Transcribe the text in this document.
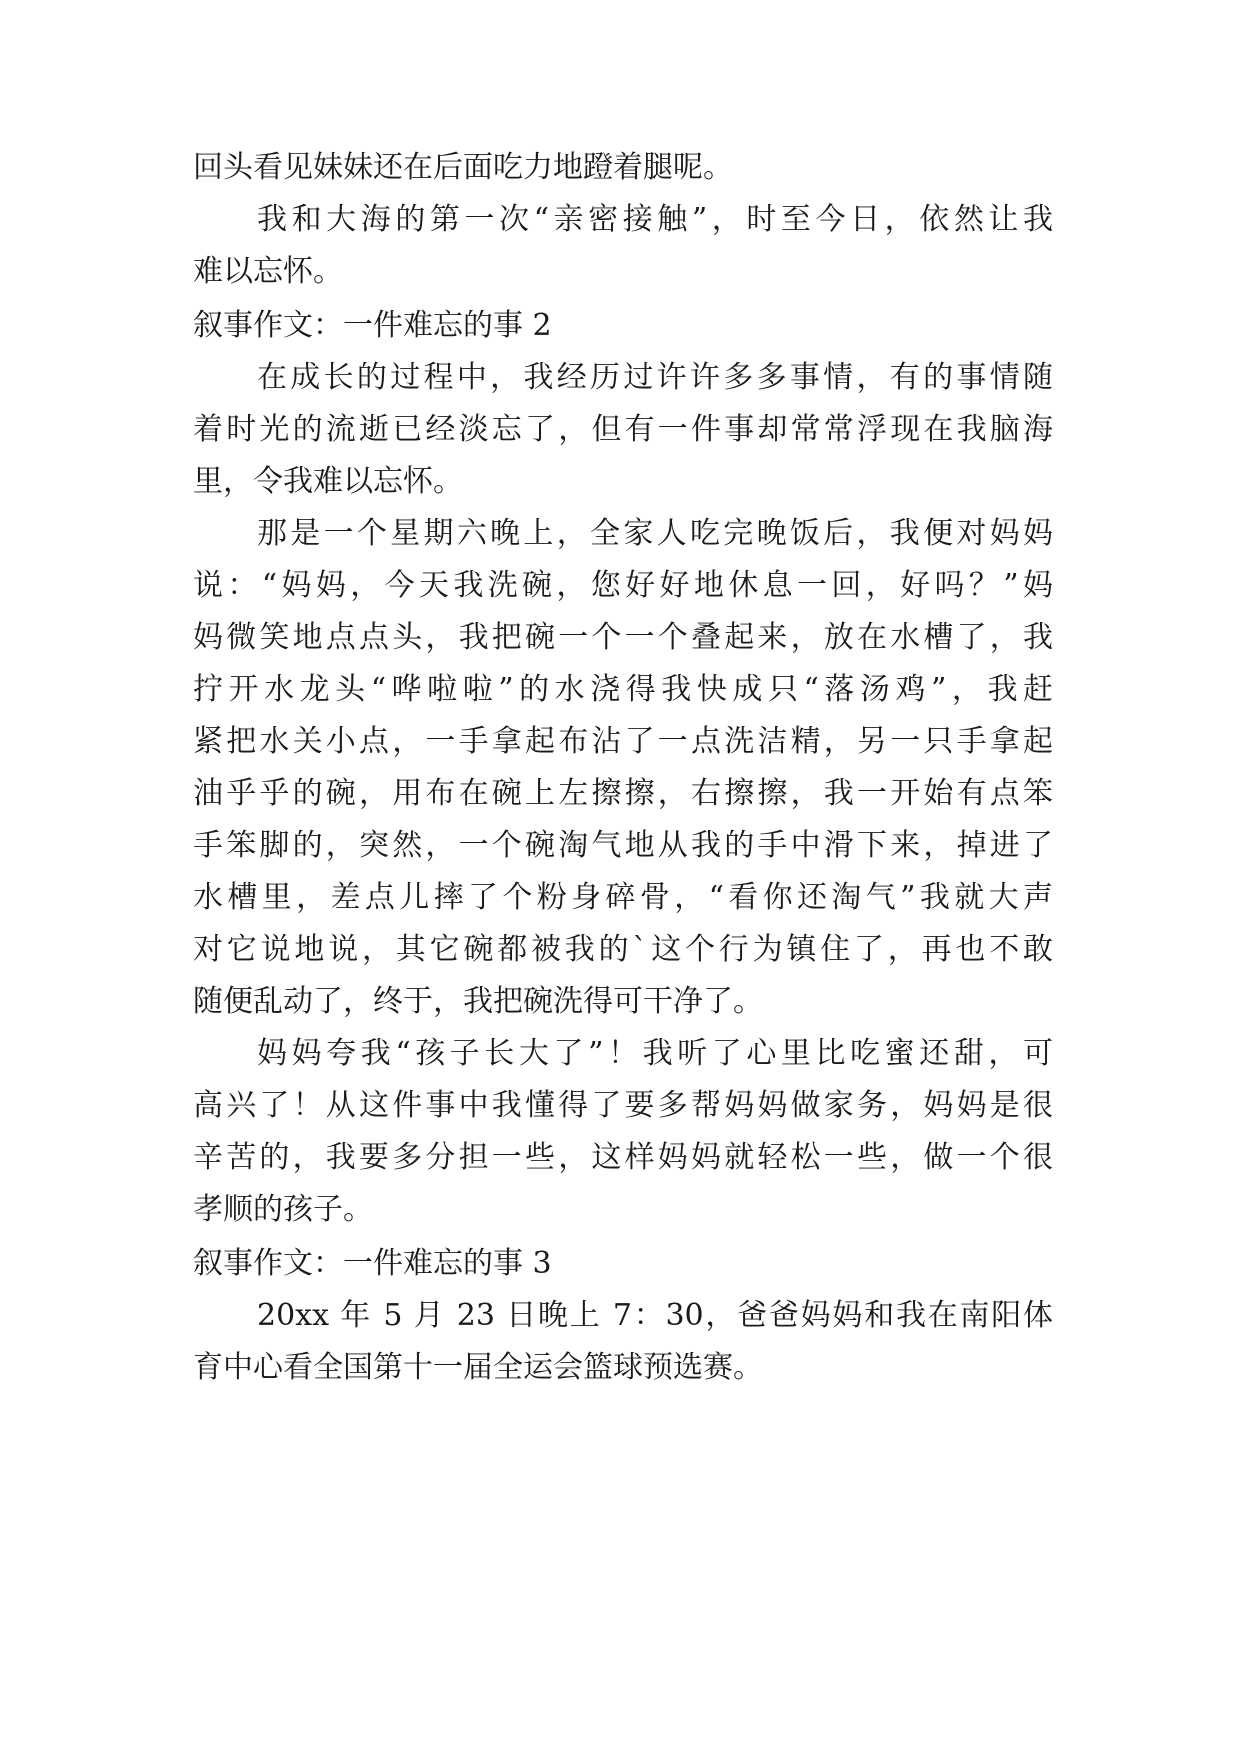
回头看见妹妹还在后面吃力地蹬着腿呢。
我和大海的第一次“亲密接触”，时至今日，依然让我
难以忘怀。
叙事作文：一件难忘的事 2
在成长的过程中，我经历过许许多多事情，有的事情随
着时光的流逝已经淡忘了，但有一件事却常常浮现在我脑海
里，令我难以忘怀。
那是一个星期六晚上，全家人吃完晚饭后，我便对妈妈
说：“妈妈，今天我洗碗，您好好地休息一回，好吗？”妈
妈微笑地点点头，我把碗一个一个叠起来，放在水槽了，我
拧开水龙头“哗啦啦”的水浇得我快成只“落汤鸡”，我赶
紧把水关小点，一手拿起布沾了一点洗洁精，另一只手拿起
油乎乎的碗，用布在碗上左擦擦，右擦擦，我一开始有点笨
手笨脚的，突然，一个碗淘气地从我的手中滑下来，掉进了
水槽里，差点儿摔了个粉身碎骨，“看你还淘气”我就大声
对它说地说，其它碗都被我的`这个行为镇住了，再也不敢
随便乱动了，终于，我把碗洗得可干净了。
妈妈夸我“孩子长大了”！我听了心里比吃蜜还甜，可
高兴了！从这件事中我懂得了要多帮妈妈做家务，妈妈是很
辛苦的，我要多分担一些，这样妈妈就轻松一些，做一个很
孝顺的孩子。
叙事作文：一件难忘的事 3
20xx 年 5 月 23 日晚上 7：30，爸爸妈妈和我在南阳体
育中心看全国第十一届全运会篮球预选赛。
